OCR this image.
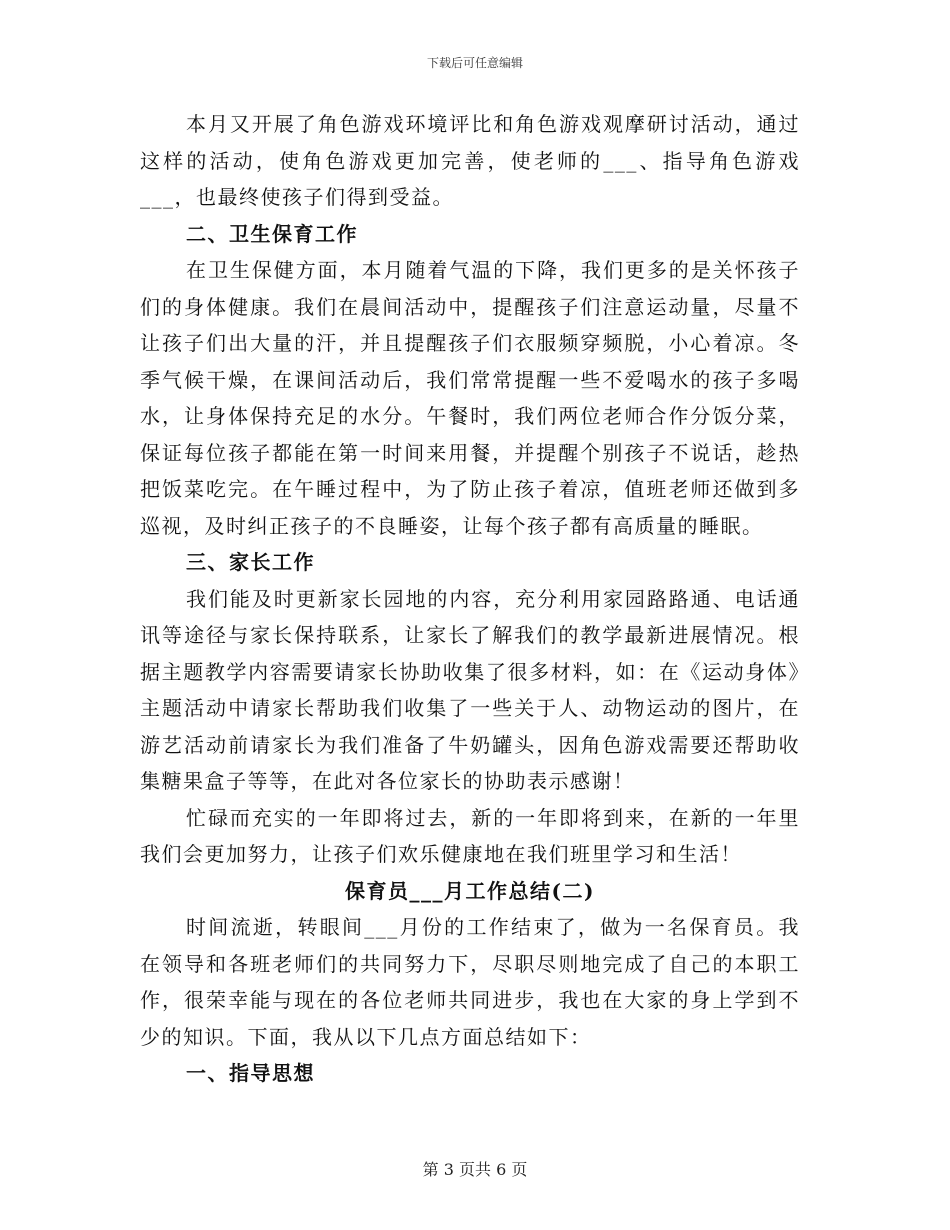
下载后可任意编辑

本月又开展了角色游戏环境评比和角色游戏观摩研讨活动，通过这样的活动，使角色游戏更加完善，使老师的___、指导角色游戏___，也最终使孩子们得到受益。

二、卫生保育工作

在卫生保健方面，本月随着气温的下降，我们更多的是关怀孩子们的身体健康。我们在晨间活动中，提醒孩子们注意运动量，尽量不让孩子们出大量的汗，并且提醒孩子们衣服频穿频脱，小心着凉。冬季气候干燥，在课间活动后，我们常常提醒一些不爱喝水的孩子多喝水，让身体保持充足的水分。午餐时，我们两位老师合作分饭分菜，保证每位孩子都能在第一时间来用餐，并提醒个别孩子不说话，趁热把饭菜吃完。在午睡过程中，为了防止孩子着凉，值班老师还做到多巡视，及时纠正孩子的不良睡姿，让每个孩子都有高质量的睡眠。

三、家长工作

我们能及时更新家长园地的内容，充分利用家园路路通、电话通讯等途径与家长保持联系，让家长了解我们的教学最新进展情况。根据主题教学内容需要请家长协助收集了很多材料，如：在《运动身体》主题活动中请家长帮助我们收集了一些关于人、动物运动的图片，在游艺活动前请家长为我们准备了牛奶罐头，因角色游戏需要还帮助收集糖果盒子等等，在此对各位家长的协助表示感谢！

忙碌而充实的一年即将过去，新的一年即将到来，在新的一年里我们会更加努力，让孩子们欢乐健康地在我们班里学习和生活！

保育员___月工作总结(二)

时间流逝，转眼间___月份的工作结束了，做为一名保育员。我在领导和各班老师们的共同努力下，尽职尽则地完成了自己的本职工作，很荣幸能与现在的各位老师共同进步，我也在大家的身上学到不少的知识。下面，我从以下几点方面总结如下：

一、指导思想

第 3 页共 6 页
